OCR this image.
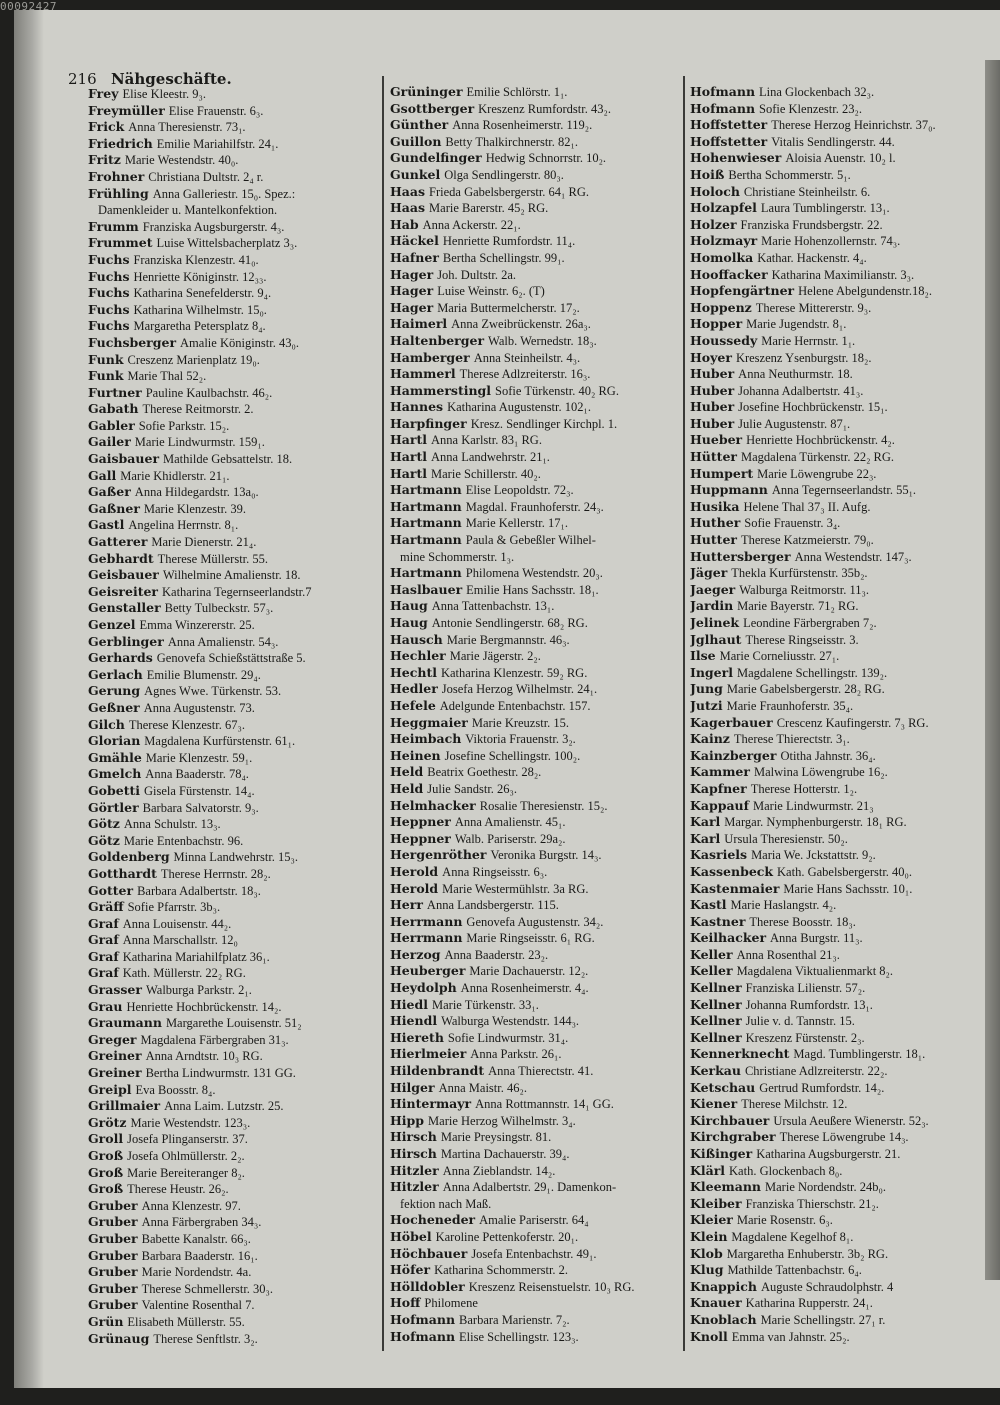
00092427
216 Nähgeschäfte.
Frey Elise Kleestr. 9₃.
Freymüller Elise Frauenstr. 6₃.
Frick Anna Theresienstr. 73₁.
Friedrich Emilie Mariahilfstr. 24₁.
Fritz Marie Westendstr. 40₀.
Frohner Christiana Dultstr. 2₄ r.
Frühling Anna Galleriestr. 15₀. Spez.:
Damenkleider u. Mantelkonfektion.
Frumm Franziska Augsburgerstr. 4₃.
Frummet Luise Wittelsbacherplatz 3₃.
Fuchs Franziska Klenzestr. 41₀.
Fuchs Henriette Königinstr. 12₃₃.
Fuchs Katharina Senefelderstr. 9₄.
Fuchs Katharina Wilhelmstr. 15₀.
Fuchs Margaretha Petersplatz 8₄.
Fuchsberger Amalie Königinstr. 43₀.
Funk Creszenz Marienplatz 19₀.
Funk Marie Thal 52₂.
Furtner Pauline Kaulbachstr. 46₂.
Gabath Therese Reitmorstr. 2.
Gabler Sofie Parkstr. 15₂.
Gailer Marie Lindwurmstr. 159₁.
Gaisbauer Mathilde Gebsattelstr. 18.
Gall Marie Khidlerstr. 21₁.
Gaßer Anna Hildegardstr. 13a₀.
Gaßner Marie Klenzestr. 39.
Gastl Angelina Herrnstr. 8₁.
Gatterer Marie Dienerstr. 21₄.
Gebhardt Therese Müllerstr. 55.
Geisbauer Wilhelmine Amalienstr. 18.
Geisreiter Katharina Tegernseerlandstr.7
Genstaller Betty Tulbeckstr. 57₃.
Genzel Emma Winzererstr. 25.
Gerblinger Anna Amalienstr. 54₃.
Gerhards Genovefa Schießstättstraße 5.
Gerlach Emilie Blumenstr. 29₄.
Gerung Agnes Wwe. Türkenstr. 53.
Geßner Anna Augustenstr. 73.
Gilch Therese Klenzestr. 67₃.
Glorian Magdalena Kurfürstenstr. 61₁.
Gmähle Marie Klenzestr. 59₁.
Gmelch Anna Baaderstr. 78₄.
Gobetti Gisela Fürstenstr. 14₄.
Görtler Barbara Salvatorstr. 9₃.
Götz Anna Schulstr. 13₃.
Götz Marie Entenbachstr. 96.
Goldenberg Minna Landwehrstr. 15₃.
Gotthardt Therese Herrnstr. 28₂.
Gotter Barbara Adalbertstr. 18₃.
Gräff Sofie Pfarrstr. 3b₃.
Graf Anna Louisenstr. 44₂.
Graf Anna Marschallstr. 12₀
Graf Katharina Mariahilfplatz 36₁.
Graf Kath. Müllerstr. 22₂ RG.
Grasser Walburga Parkstr. 2₁.
Grau Henriette Hochbrückenstr. 14₂.
Graumann Margarethe Louisenstr. 51₂
Greger Magdalena Färbergraben 31₃.
Greiner Anna Arndtstr. 10₃ RG.
Greiner Bertha Lindwurmstr. 131 GG.
Greipl Eva Boosstr. 8₄.
Grillmaier Anna Laim. Lutzstr. 25.
Grötz Marie Westendstr. 123₃.
Groll Josefa Plinganserstr. 37.
Groß Josefa Ohlmüllerstr. 2₂.
Groß Marie Bereiteranger 8₂.
Groß Therese Heustr. 26₂.
Gruber Anna Klenzestr. 97.
Gruber Anna Färbergraben 34₃.
Gruber Babette Kanalstr. 66₃.
Gruber Barbara Baaderstr. 16₁.
Gruber Marie Nordendstr. 4a.
Gruber Therese Schmellerstr. 30₃.
Gruber Valentine Rosenthal 7.
Grün Elisabeth Müllerstr. 55.
Grünaug Therese Senftlstr. 3₂.
Grüninger Emilie Schlörstr. 1₁.
Gsottberger Kreszenz Rumfordstr. 43₂.
Günther Anna Rosenheimerstr. 119₂.
Guillon Betty Thalkirchnerstr. 82₁.
Gundelfinger Hedwig Schnorrstr. 10₂.
Gunkel Olga Sendlingerstr. 80₃.
Haas Frieda Gabelsbergerstr. 64₁ RG.
Haas Marie Barerstr. 45₂ RG.
Hab Anna Ackerstr. 22₁.
Häckel Henriette Rumfordstr. 11₄.
Hafner Bertha Schellingstr. 99₁.
Hager Joh. Dultstr. 2a.
Hager Luise Weinstr. 6₂. (T)
Hager Maria Buttermelcherstr. 17₂.
Haimerl Anna Zweibrückenstr. 26a₃.
Haltenberger Walb. Wernedstr. 18₃.
Hamberger Anna Steinheilstr. 4₃.
Hammerl Therese Adlzreiterstr. 16₃.
Hammerstingl Sofie Türkenstr. 40₂ RG.
Hannes Katharina Augustenstr. 102₁.
Harpfinger Kresz. Sendlinger Kirchpl. 1.
Hartl Anna Karlstr. 83₁ RG.
Hartl Anna Landwehrstr. 21₁.
Hartl Marie Schillerstr. 40₂.
Hartmann Elise Leopoldstr. 72₃.
Hartmann Magdal. Fraunhoferstr. 24₃.
Hartmann Marie Kellerstr. 17₁.
Hartmann Paula & Gebeßler Wilhel-
mine Schommerstr. 1₃.
Hartmann Philomena Westendstr. 20₃.
Haslbauer Emilie Hans Sachsstr. 18₁.
Haug Anna Tattenbachstr. 13₁.
Haug Antonie Sendlingerstr. 68₂ RG.
Hausch Marie Bergmannstr. 46₃.
Hechler Marie Jägerstr. 2₂.
Hechtl Katharina Klenzestr. 59₂ RG.
Hedler Josefa Herzog Wilhelmstr. 24₁.
Hefele Adelgunde Entenbachstr. 157.
Heggmaier Marie Kreuzstr. 15.
Heimbach Viktoria Frauenstr. 3₂.
Heinen Josefine Schellingstr. 100₂.
Held Beatrix Goethestr. 28₂.
Held Julie Sandstr. 26₃.
Helmhacker Rosalie Theresienstr. 15₂.
Heppner Anna Amalienstr. 45₁.
Heppner Walb. Pariserstr. 29a₂.
Hergenröther Veronika Burgstr. 14₃.
Herold Anna Ringseisstr. 6₃.
Herold Marie Westermühlstr. 3a RG.
Herr Anna Landsbergerstr. 115.
Herrmann Genovefa Augustenstr. 34₂.
Herrmann Marie Ringseisstr. 6₁ RG.
Herzog Anna Baaderstr. 23₂.
Heuberger Marie Dachauerstr. 12₂.
Heydolph Anna Rosenheimerstr. 4₄.
Hiedl Marie Türkenstr. 33₁.
Hiendl Walburga Westendstr. 144₃.
Hiereth Sofie Lindwurmstr. 31₄.
Hierlmeier Anna Parkstr. 26₁.
Hildenbrandt Anna Thierectstr. 41.
Hilger Anna Maistr. 46₂.
Hintermayr Anna Rottmannstr. 14₁ GG.
Hipp Marie Herzog Wilhelmstr. 3₄.
Hirsch Marie Preysingstr. 81.
Hirsch Martina Dachauerstr. 39₄.
Hitzler Anna Zieblandstr. 14₂.
Hitzler Anna Adalbertstr. 29₁. Damenkon-
fektion nach Maß.
Hocheneder Amalie Pariserstr. 64₄
Höbel Karoline Pettenkoferstr. 20₁.
Höchbauer Josefa Entenbachstr. 49₁.
Höfer Katharina Schommerstr. 2.
Hölldobler Kreszenz Reisenstuelstr. 10₃ RG.
Hoff Philomene
Hofmann Barbara Marienstr. 7₂.
Hofmann Elise Schellingstr. 123₃.
Hofmann Lina Glockenbach 32₃.
Hofmann Sofie Klenzestr. 23₂.
Hoffstetter Therese Herzog Heinrichstr. 37₀.
Hoffstetter Vitalis Sendlingerstr. 44.
Hohenwieser Aloisia Auenstr. 10₂ l.
Hoiß Bertha Schommerstr. 5₁.
Holoch Christiane Steinheilstr. 6.
Holzapfel Laura Tumblingerstr. 13₁.
Holzer Franziska Frundsbergstr. 22.
Holzmayr Marie Hohenzollernstr. 74₃.
Homolka Kathar. Hackenstr. 4₄.
Hooffacker Katharina Maximilianstr. 3₃.
Hopfengärtner Helene Abelgundenstr.18₂.
Hoppenz Therese Mittererstr. 9₃.
Hopper Marie Jugendstr. 8₁.
Houssedy Marie Herrnstr. 1₁.
Hoyer Kreszenz Ysenburgstr. 18₂.
Huber Anna Neuthurmstr. 18.
Huber Johanna Adalbertstr. 41₃.
Huber Josefine Hochbrückenstr. 15₁.
Huber Julie Augustenstr. 87₁.
Hueber Henriette Hochbrückenstr. 4₂.
Hütter Magdalena Türkenstr. 22₂ RG.
Humpert Marie Löwengrube 22₃.
Huppmann Anna Tegernseerlandstr. 55₁.
Husika Helene Thal 37₃ II. Aufg.
Huther Sofie Frauenstr. 3₄.
Hutter Therese Katzmeierstr. 79₀.
Huttersberger Anna Westendstr. 147₃.
Jäger Thekla Kurfürstenstr. 35b₂.
Jaeger Walburga Reitmorstr. 11₃.
Jardin Marie Bayerstr. 71₂ RG.
Jelinek Leondine Färbergraben 7₂.
Jglhaut Therese Ringseisstr. 3.
Ilse Marie Corneliusstr. 27₁.
Ingerl Magdalene Schellingstr. 139₂.
Jung Marie Gabelsbergerstr. 28₂ RG.
Jutzi Marie Fraunhoferstr. 35₄.
Kagerbauer Crescenz Kaufingerstr. 7₃ RG.
Kainz Therese Thierectstr. 3₁.
Kainzberger Otitha Jahnstr. 36₄.
Kammer Malwina Löwengrube 16₂.
Kapfner Therese Hotterstr. 1₂.
Kappauf Marie Lindwurmstr. 21₃
Karl Margar. Nymphenburgerstr. 18₁ RG.
Karl Ursula Theresienstr. 50₂.
Kasriels Maria We. Jckstattstr. 9₂.
Kassenbeck Kath. Gabelsbergerstr. 40₀.
Kastenmaier Marie Hans Sachsstr. 10₁.
Kastl Marie Haslangstr. 4₂.
Kastner Therese Boosstr. 18₃.
Keilhacker Anna Burgstr. 11₃.
Keller Anna Rosenthal 21₃.
Keller Magdalena Viktualienmarkt 8₂.
Kellner Franziska Lilienstr. 57₂.
Kellner Johanna Rumfordstr. 13₁.
Kellner Julie v. d. Tannstr. 15.
Kellner Kreszenz Fürstenstr. 2₃.
Kennerknecht Magd. Tumblingerstr. 18₁.
Kerkau Christiane Adlzreiterstr. 22₂.
Ketschau Gertrud Rumfordstr. 14₂.
Kiener Therese Milchstr. 12.
Kirchbauer Ursula Aeußere Wienerstr. 52₃.
Kirchgraber Therese Löwengrube 14₃.
Kißinger Katharina Augsburgerstr. 21.
Klärl Kath. Glockenbach 8₀.
Kleemann Marie Nordendstr. 24b₀.
Kleiber Franziska Thierschstr. 21₂.
Kleier Marie Rosenstr. 6₃.
Klein Magdalene Kegelhof 8₁.
Klob Margaretha Enhuberstr. 3b₂ RG.
Klug Mathilde Tattenbachstr. 6₄.
Knappich Auguste Schraudolphstr. 4
Knauer Katharina Rupperstr. 24₁.
Knoblach Marie Schellingstr. 27₁ r.
Knoll Emma van Jahnstr. 25₂.
